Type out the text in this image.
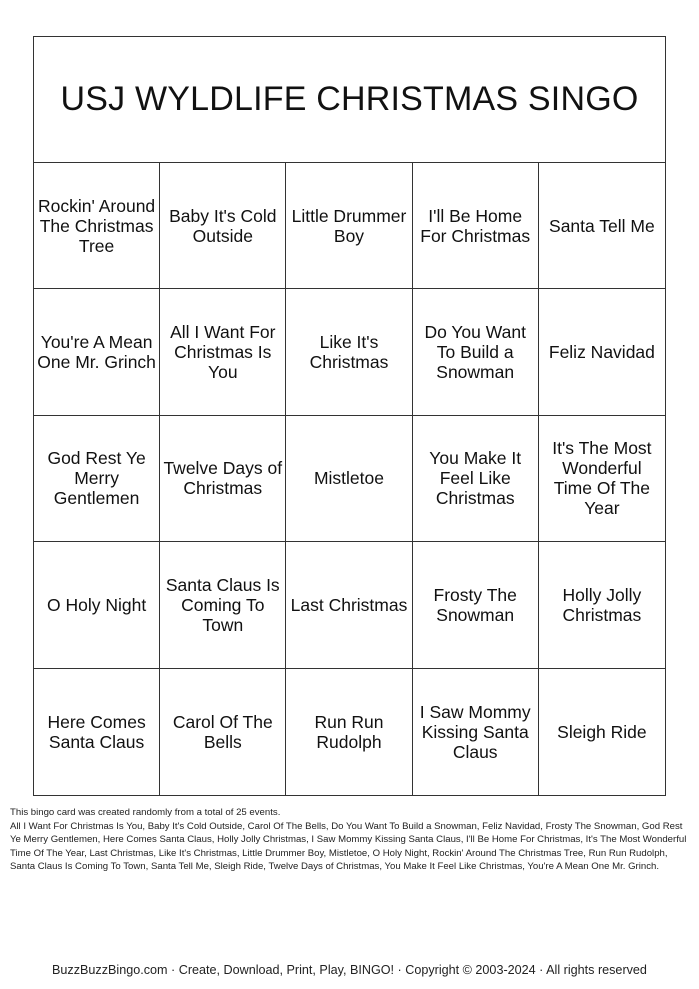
USJ WYLDLIFE CHRISTMAS SINGO
Rockin' Around The Christmas Tree
Baby It's Cold Outside
Little Drummer Boy
I'll Be Home For Christmas Santa Tell Me
You're A Mean One Mr. Grinch
All I Want For Christmas Is You
Like It's Christmas
Do You Want To Build a Snowman
Feliz Navidad
God Rest Ye Merry Gentlemen
Twelve Days of Christmas	Mistletoe
You Make It Feel Like Christmas
It's The Most Wonderful Time Of The Year
O Holy Night
Santa Claus Is Coming To Town
Last Christmas	Frosty The Snowman
Holly Jolly Christmas
Here Comes Santa Claus
Carol Of The Bells
Run Run Rudolph
I Saw Mommy Kissing Santa Claus
Sleigh Ride

This bingo card was created randomly from a total of 25 events.

All I Want For Christmas Is You, Baby It's Cold Outside, Carol Of The Bells, Do You Want To Build a Snowman, Feliz Navidad, Frosty The Snowman, God Rest Ye Merry Gentlemen, Here Comes Santa Claus, Holly Jolly Christmas, I Saw Mommy Kissing Santa Claus, I'll Be Home For Christmas, It's The Most Wonderful Time Of The Year, Last Christmas, Like It's Christmas, Little Drummer Boy, Mistletoe, O Holy Night, Rockin' Around The Christmas Tree, Run Run Rudolph, Santa Claus Is Coming To Town, Santa Tell Me, Sleigh Ride, Twelve Days of Christmas, You Make It Feel Like Christmas, You're A Mean One Mr. Grinch.

BuzzBuzzBingo.com · Create, Download, Print, Play, BINGO! · Copyright © 2003-2024 · All rights reserved
